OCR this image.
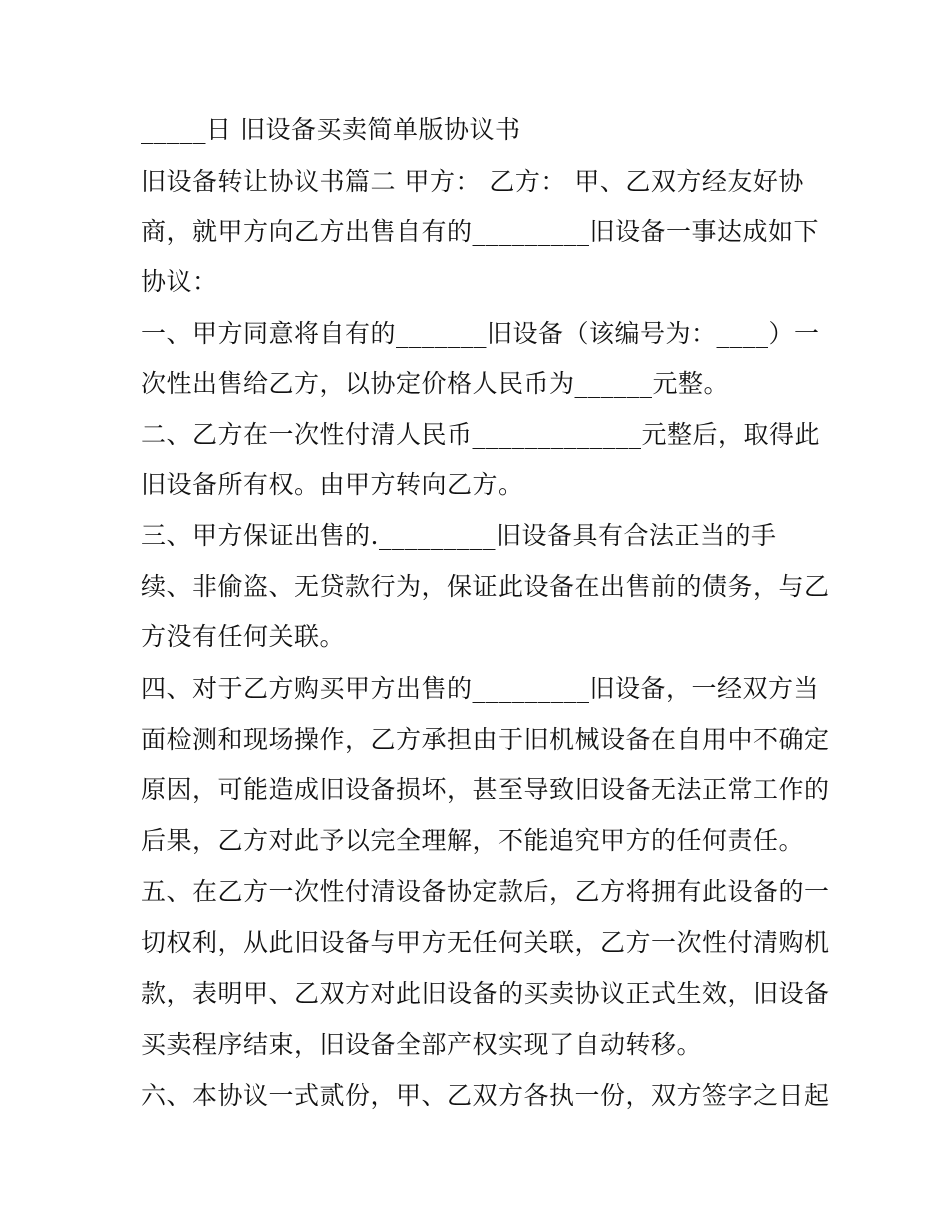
_____日 旧设备买卖简单版协议书
旧设备转让协议书篇二 甲方： 乙方： 甲、乙双方经友好协
商，就甲方向乙方出售自有的_________旧设备一事达成如下
协议：
一、甲方同意将自有的_______旧设备（该编号为：____）一
次性出售给乙方，以协定价格人民币为______元整。
二、乙方在一次性付清人民币_____________元整后，取得此
旧设备所有权。由甲方转向乙方。
三、甲方保证出售的._________旧设备具有合法正当的手
续、非偷盗、无贷款行为，保证此设备在出售前的债务，与乙
方没有任何关联。
四、对于乙方购买甲方出售的_________旧设备，一经双方当
面检测和现场操作，乙方承担由于旧机械设备在自用中不确定
原因，可能造成旧设备损坏，甚至导致旧设备无法正常工作的
后果，乙方对此予以完全理解，不能追究甲方的任何责任。
五、在乙方一次性付清设备协定款后，乙方将拥有此设备的一
切权利，从此旧设备与甲方无任何关联，乙方一次性付清购机
款，表明甲、乙双方对此旧设备的买卖协议正式生效，旧设备
买卖程序结束，旧设备全部产权实现了自动转移。
六、本协议一式贰份，甲、乙双方各执一份，双方签字之日起
